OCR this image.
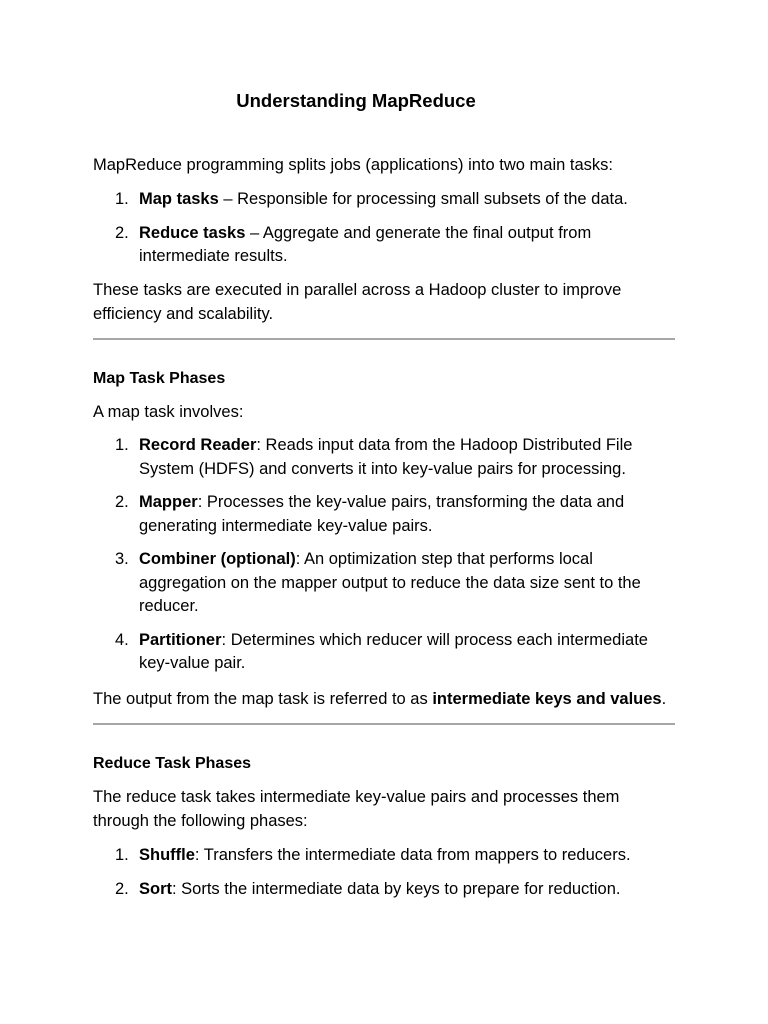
Understanding MapReduce

MapReduce programming splits jobs (applications) into two main tasks:

1. Map tasks – Responsible for processing small subsets of the data.
2. Reduce tasks – Aggregate and generate the final output from intermediate results.

These tasks are executed in parallel across a Hadoop cluster to improve efficiency and scalability.

Map Task Phases

A map task involves:

1. Record Reader: Reads input data from the Hadoop Distributed File System (HDFS) and converts it into key-value pairs for processing.
2. Mapper: Processes the key-value pairs, transforming the data and generating intermediate key-value pairs.
3. Combiner (optional): An optimization step that performs local aggregation on the mapper output to reduce the data size sent to the reducer.
4. Partitioner: Determines which reducer will process each intermediate key-value pair.

The output from the map task is referred to as intermediate keys and values.

Reduce Task Phases

The reduce task takes intermediate key-value pairs and processes them through the following phases:

1. Shuffle: Transfers the intermediate data from mappers to reducers.
2. Sort: Sorts the intermediate data by keys to prepare for reduction.
